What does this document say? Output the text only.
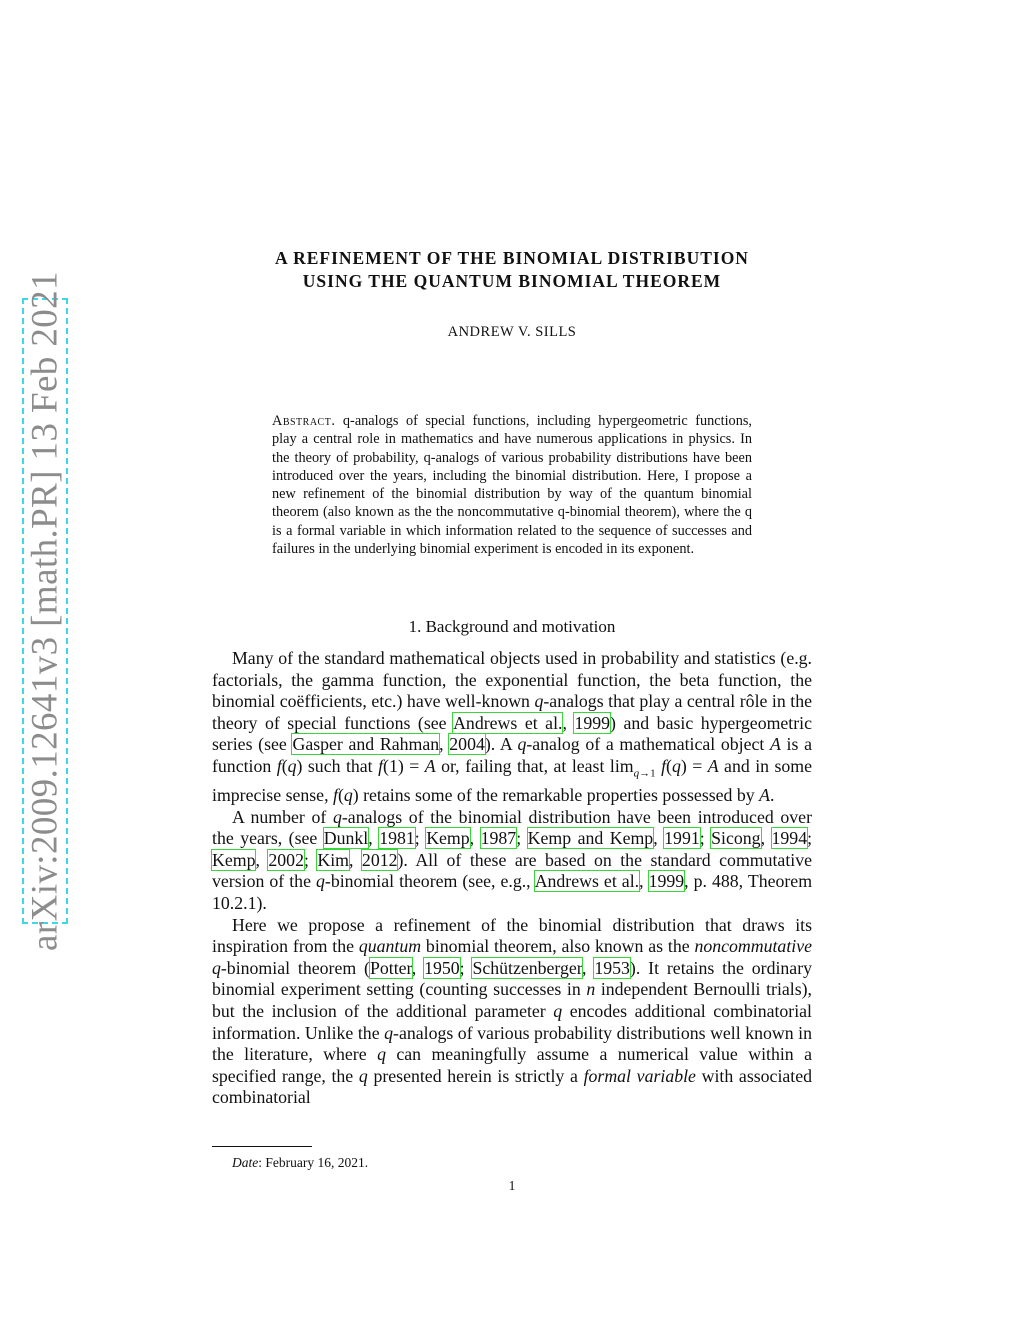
arXiv:2009.12641v3 [math.PR] 13 Feb 2021
A REFINEMENT OF THE BINOMIAL DISTRIBUTION
USING THE QUANTUM BINOMIAL THEOREM
ANDREW V. SILLS
Abstract. q-analogs of special functions, including hypergeometric functions, play a central role in mathematics and have numerous applications in physics. In the theory of probability, q-analogs of various probability distributions have been introduced over the years, including the binomial distribution. Here, I propose a new refinement of the binomial distribution by way of the quantum binomial theorem (also known as the the noncommutative q-binomial theorem), where the q is a formal variable in which information related to the sequence of successes and failures in the underlying binomial experiment is encoded in its exponent.
1. Background and motivation

Many of the standard mathematical objects used in probability and statistics (e.g. factorials, the gamma function, the exponential function, the beta function, the binomial coëfficients, etc.) have well-known q-analogs that play a central rôle in the theory of special functions (see Andrews et al., 1999) and basic hypergeometric series (see Gasper and Rahman, 2004). A q-analog of a mathematical object A is a function f(q) such that f(1) = A or, failing that, at least $\lim_{q\to 1} f(q) = A$ and in some imprecise sense, f(q) retains some of the remarkable properties possessed by A.

A number of q-analogs of the binomial distribution have been introduced over the years, (see Dunkl, 1981; Kemp, 1987; Kemp and Kemp, 1991; Sicong, 1994; Kemp, 2002; Kim, 2012). All of these are based on the standard commutative version of the q-binomial theorem (see, e.g., Andrews et al., 1999, p. 488, Theorem 10.2.1).

Here we propose a refinement of the binomial distribution that draws its inspiration from the quantum binomial theorem, also known as the noncommutative q-binomial theorem (Potter, 1950; Schützenberger, 1953). It retains the ordinary binomial experiment setting (counting successes in n independent Bernoulli trials), but the inclusion of the additional parameter q encodes additional combinatorial information. Unlike the q-analogs of various probability distributions well known in the literature, where q can meaningfully assume a numerical value within a specified range, the q presented herein is strictly a formal variable with associated combinatorial

Date: February 16, 2021.
1
